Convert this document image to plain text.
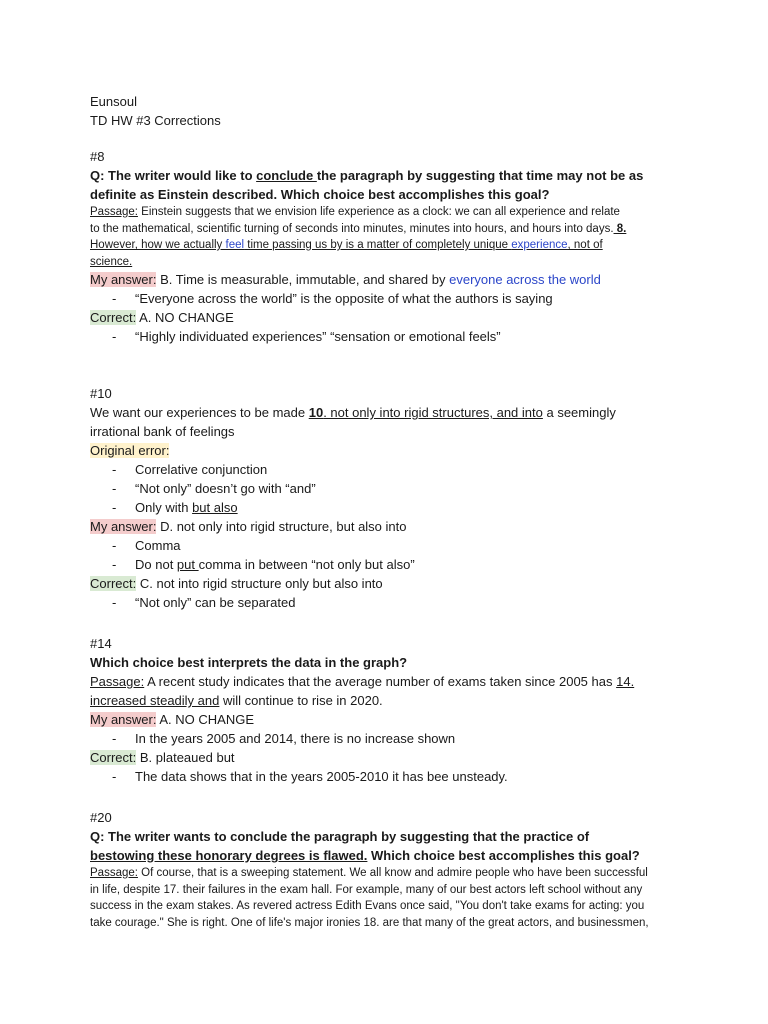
Eunsoul
TD HW #3 Corrections
#8
Q: The writer would like to conclude the paragraph by suggesting that time may not be as
definite as Einstein described. Which choice best accomplishes this goal?
Passage: Einstein suggests that we envision life experience as a clock: we can all experience and relate
to the mathematical, scientific turning of seconds into minutes, minutes into hours, and hours into days. 8.
However, how we actually feel time passing us by is a matter of completely unique experience, not of
science.
My answer: B. Time is measurable, immutable, and shared by everyone across the world
- “Everyone across the world” is the opposite of what the authors is saying
Correct: A. NO CHANGE
- “Highly individuated experiences” “sensation or emotional feels”
#10
We want our experiences to be made 10. not only into rigid structures, and into a seemingly
irrational bank of feelings
Original error:
- Correlative conjunction
- “Not only” doesn’t go with “and”
- Only with but also
My answer: D. not only into rigid structure, but also into
- Comma
- Do not put comma in between “not only but also”
Correct: C. not into rigid structure only but also into
- “Not only” can be separated
#14
Which choice best interprets the data in the graph?
Passage: A recent study indicates that the average number of exams taken since 2005 has 14.
increased steadily and will continue to rise in 2020.
My answer: A. NO CHANGE
- In the years 2005 and 2014, there is no increase shown
Correct: B. plateaued but
- The data shows that in the years 2005-2010 it has bee unsteady.
#20
Q: The writer wants to conclude the paragraph by suggesting that the practice of
bestowing these honorary degrees is flawed. Which choice best accomplishes this goal?
Passage: Of course, that is a sweeping statement. We all know and admire people who have been successful
in life, despite 17. their failures in the exam hall. For example, many of our best actors left school without any
success in the exam stakes. As revered actress Edith Evans once said, "You don't take exams for acting: you
take courage." She is right. One of life's major ironies 18. are that many of the great actors, and businessmen,
